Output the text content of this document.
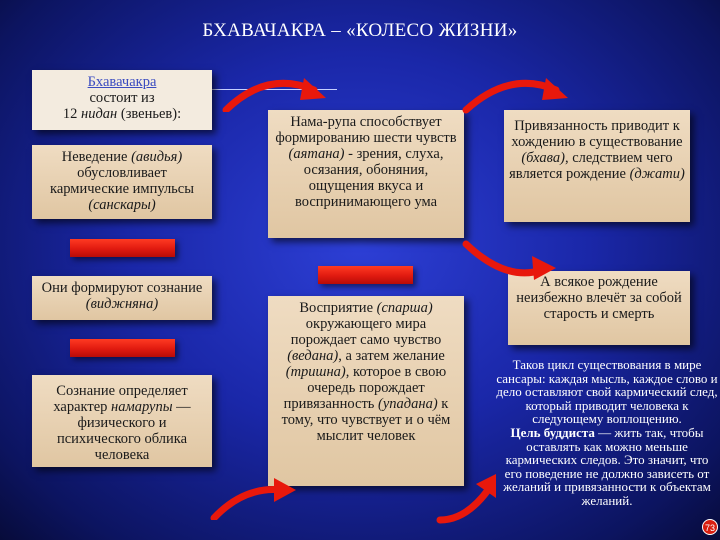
БХАВАЧАКРА – «КОЛЕСО ЖИЗНИ»
Бхавачакра
состоит из
12 нидан (звеньев):
Неведение (авидья) обусловливает кармические импульсы (санскары)
Они формируют сознание (виджняна)
Сознание определяет характер намарупы — физического и психического облика человека
Нама-рупа способствует формированию шести чувств (аятана) - зрения, слуха, осязания, обоняния, ощущения вкуса и воспринимающего ума
Восприятие (спарша) окружающего мира порождает само чувство (ведана), а затем желание (тришна), которое в свою очередь порождает привязанность (упадана) к тому, что чувствует и о чём мыслит человек
Привязанность приводит к хождению в существование (бхава), следствием чего является рождение (джати)
А всякое рождение неизбежно влечёт за собой старость и смерть
Таков цикл существования в мире сансары: каждая мысль, каждое слово и дело оставляют свой кармический след, который приводит человека к следующему воплощению.
Цель буддиста — жить так, чтобы оставлять как можно меньше кармических следов. Это значит, что его поведение не должно зависеть от желаний и привязанности к объектам желаний.
73
